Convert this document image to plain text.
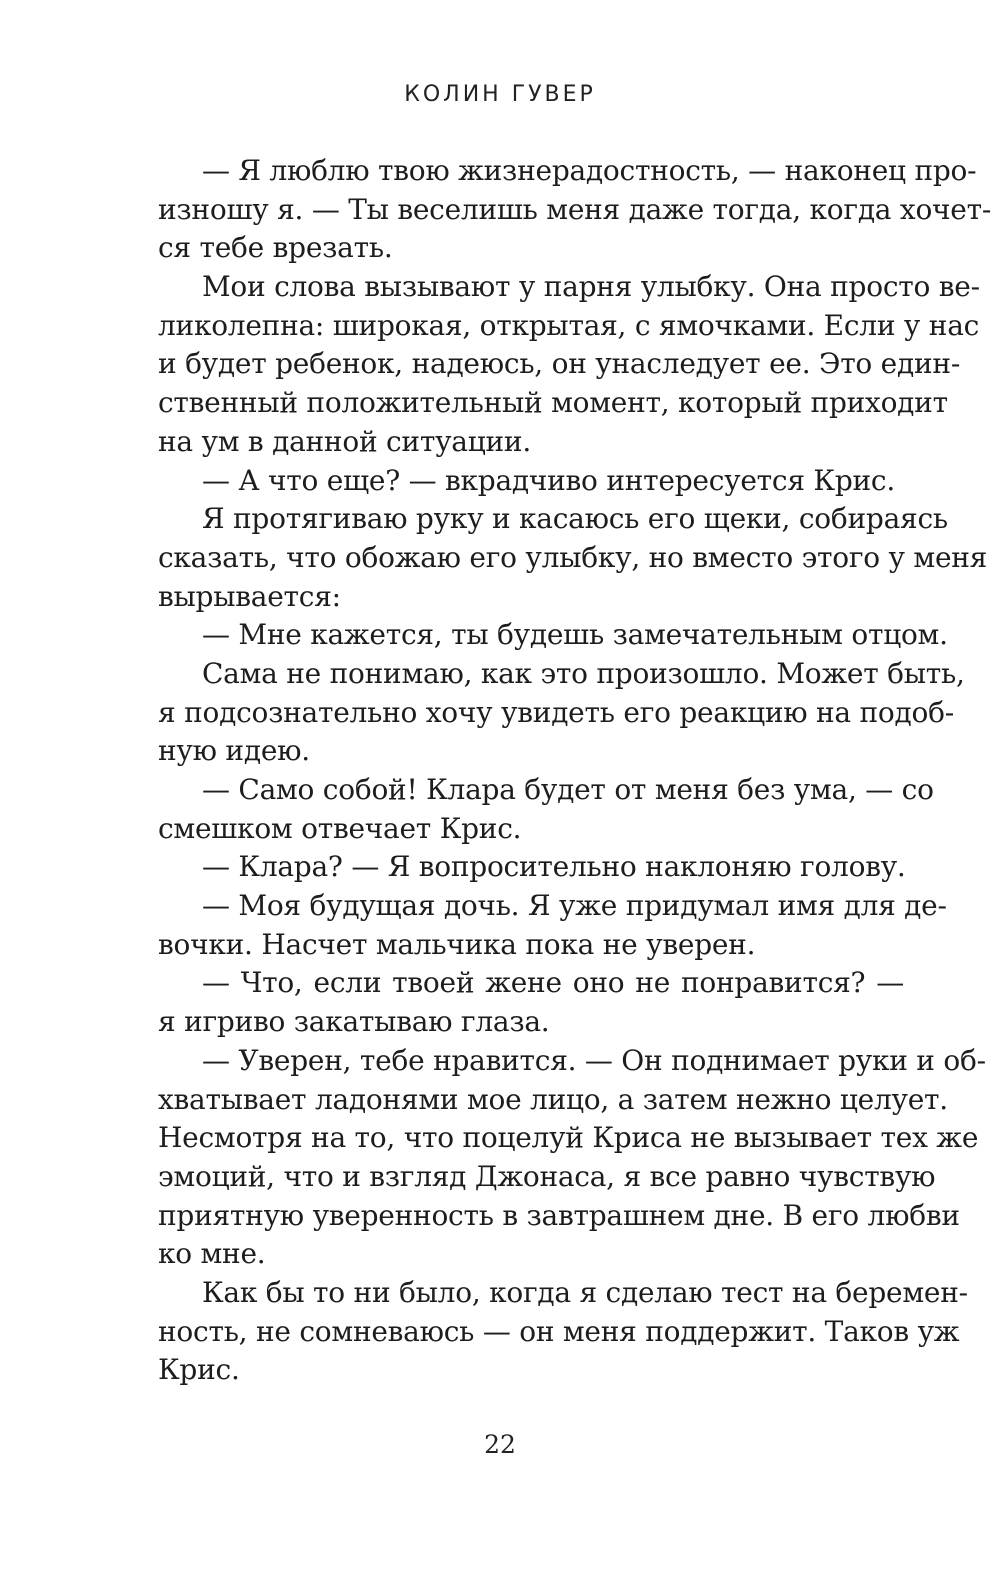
КОЛИН ГУВЕР
— Я люблю твою жизнерадостность, — наконец про-
изношу я. — Ты веселишь меня даже тогда, когда хочет-
ся тебе врезать.
Мои слова вызывают у парня улыбку. Она просто ве-
ликолепна: широкая, открытая, с ямочками. Если у нас
и будет ребенок, надеюсь, он унаследует ее. Это един-
ственный положительный момент, который приходит
на ум в данной ситуации.
— А что еще? — вкрадчиво интересуется Крис.
Я протягиваю руку и касаюсь его щеки, собираясь
сказать, что обожаю его улыбку, но вместо этого у меня
вырывается:
— Мне кажется, ты будешь замечательным отцом.
Сама не понимаю, как это произошло. Может быть,
я подсознательно хочу увидеть его реакцию на подоб-
ную идею.
— Само собой! Клара будет от меня без ума, — со
смешком отвечает Крис.
— Клара? — Я вопросительно наклоняю голову.
— Моя будущая дочь. Я уже придумал имя для де-
вочки. Насчет мальчика пока не уверен.
— Что, если твоей жене оно не понравится? —
я игриво закатываю глаза.
— Уверен, тебе нравится. — Он поднимает руки и об-
хватывает ладонями мое лицо, а затем нежно целует.
Несмотря на то, что поцелуй Криса не вызывает тех же
эмоций, что и взгляд Джонаса, я все равно чувствую
приятную уверенность в завтрашнем дне. В его любви
ко мне.
Как бы то ни было, когда я сделаю тест на беремен-
ность, не сомневаюсь — он меня поддержит. Таков уж
Крис.
22
